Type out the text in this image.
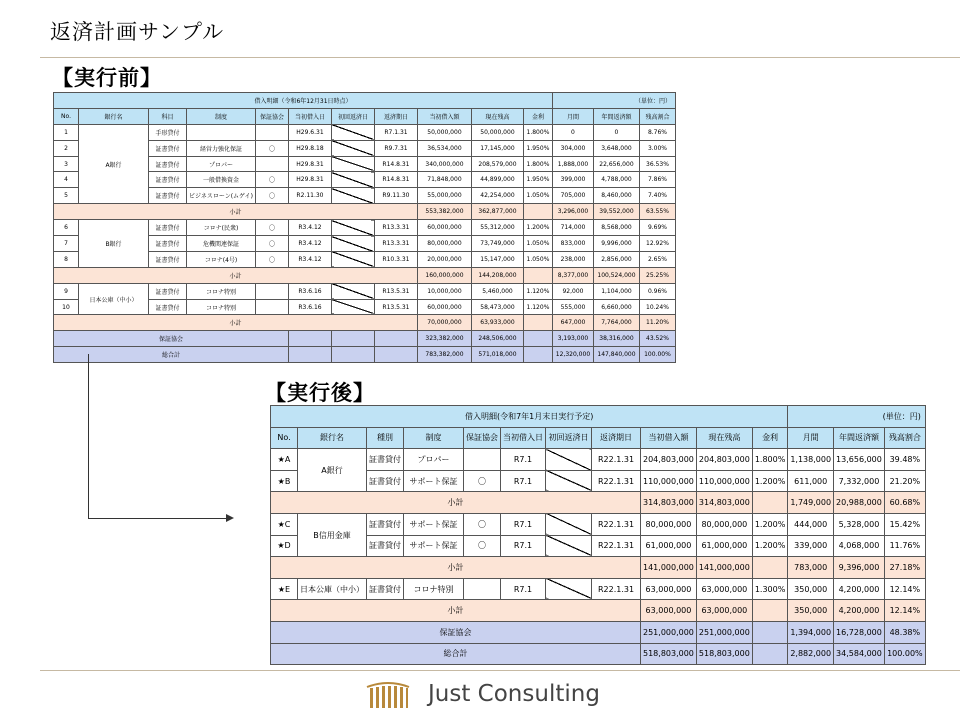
返済計画サンプル
【実行前】
【実行後】
借入明細（令和6年12月31日時点）											（単位：円）		
No.	銀行名	科目	制度	保証協会	当初借入日	初回返済日	返済期日	当初借入額	現在残高	金利	月間	年間返済額	残高割合
1	A銀行	手形貸付			H29.6.31		R7.1.31	50,000,000	50,000,000	1.800%	0	0	8.76%
2		証書貸付	経営力強化保証	〇	H29.8.18		R9.7.31	36,534,000	17,145,000	1.950%	304,000	3,648,000	3.00%
3		証書貸付	プロパー		H29.8.31		R14.8.31	340,000,000	208,579,000	1.800%	1,888,000	22,656,000	36.53%
4		証書貸付	一般借換資金	〇	H29.8.31		R14.8.31	71,848,000	44,899,000	1.950%	399,000	4,788,000	7.86%
5		証書貸付	ビジネスローン(ムゲイ)	〇	R2.11.30		R9.11.30	55,000,000	42,254,000	1.050%	705,000	8,460,000	7.40%
小計								553,382,000	362,877,000		3,296,000	39,552,000	63.55%
6	B銀行	証書貸付	コロナ(民衆)	〇	R3.4.12		R13.3.31	60,000,000	55,312,000	1.200%	714,000	8,568,000	9.69%
7		証書貸付	危機関連保証	〇	R3.4.12		R13.3.31	80,000,000	73,749,000	1.050%	833,000	9,996,000	12.92%
8		証書貸付	コロナ(4号)	〇	R3.4.12		R10.3.31	20,000,000	15,147,000	1.050%	238,000	2,856,000	2.65%
小計								160,000,000	144,208,000		8,377,000	100,524,000	25.25%
9	日本公庫（中小）	証書貸付	コロナ特別		R3.6.16		R13.5.31	10,000,000	5,460,000	1.120%	92,000	1,104,000	0.96%
10		証書貸付	コロナ特別		R3.6.16		R13.5.31	60,000,000	58,473,000	1.120%	555,000	6,660,000	10.24%
小計								70,000,000	63,933,000		647,000	7,764,000	11.20%
保証協会								323,382,000	248,506,000		3,193,000	38,316,000	43.52%
総合計								783,382,000	571,018,000		12,320,000	147,840,000	100.00%
借入明細(令和7年1月末日実行予定)											(単位：円)		
No.	銀行名	種別	制度	保証協会	当初借入日	初回返済日	返済期日	当初借入額	現在残高	金利	月間	年間返済額	残高割合
★A	A銀行	証書貸付	プロパー		R7.1		R22.1.31	204,803,000	204,803,000	1.800%	1,138,000	13,656,000	39.48%
★B		証書貸付	サポート保証	〇	R7.1		R22.1.31	110,000,000	110,000,000	1.200%	611,000	7,332,000	21.20%
小計								314,803,000	314,803,000		1,749,000	20,988,000	60.68%
★C	B信用金庫	証書貸付	サポート保証	〇	R7.1		R22.1.31	80,000,000	80,000,000	1.200%	444,000	5,328,000	15.42%
★D		証書貸付	サポート保証	〇	R7.1		R22.1.31	61,000,000	61,000,000	1.200%	339,000	4,068,000	11.76%
小計								141,000,000	141,000,000		783,000	9,396,000	27.18%
★E	日本公庫（中小）	証書貸付	コロナ特別		R7.1		R22.1.31	63,000,000	63,000,000	1.300%	350,000	4,200,000	12.14%
小計								63,000,000	63,000,000		350,000	4,200,000	12.14%
保証協会								251,000,000	251,000,000		1,394,000	16,728,000	48.38%
総合計								518,803,000	518,803,000		2,882,000	34,584,000	100.00%
Just Consulting
